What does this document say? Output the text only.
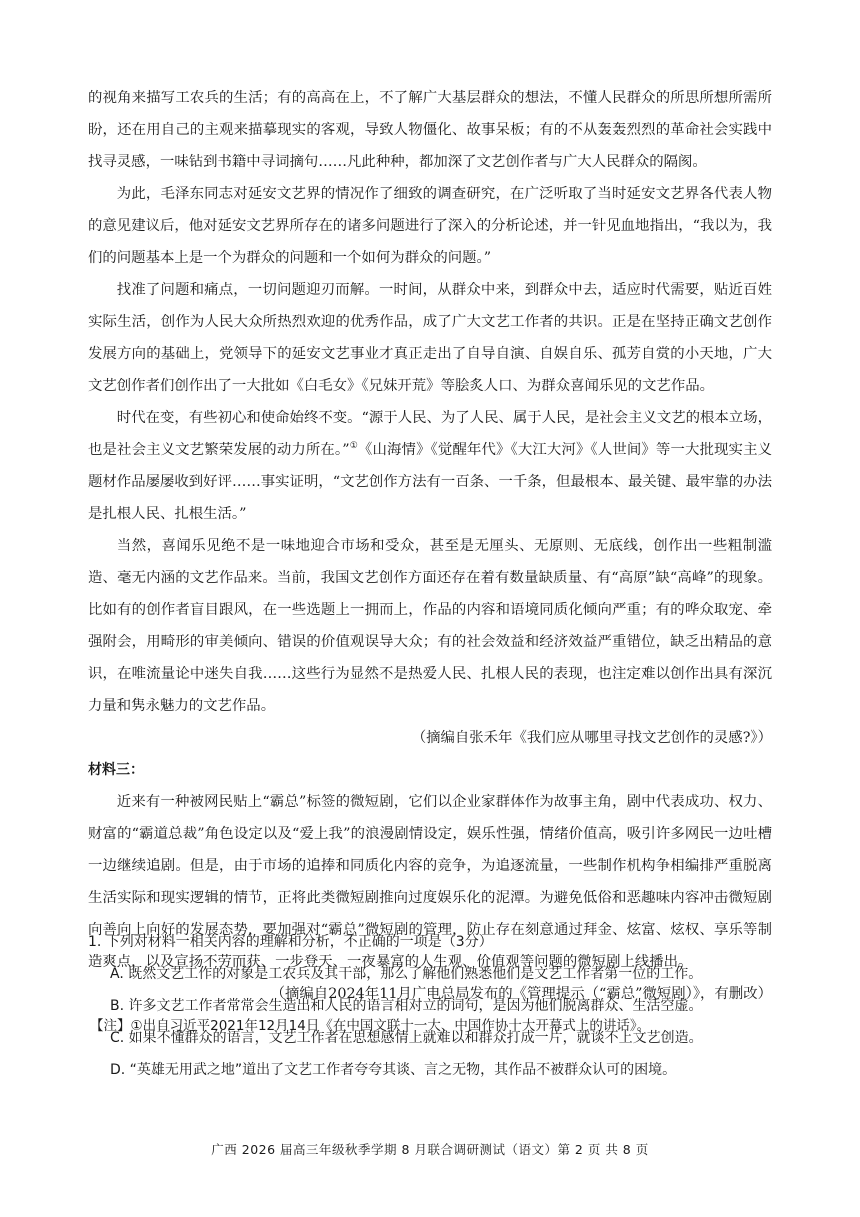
的视角来描写工农兵的生活；有的高高在上，不了解广大基层群众的想法，不懂人民群众的所思所想所需所盼，还在用自己的主观来描摹现实的客观，导致人物僵化、故事呆板；有的不从轰轰烈烈的革命社会实践中找寻灵感，一味钻到书籍中寻词摘句……凡此种种，都加深了文艺创作者与广大人民群众的隔阂。

为此，毛泽东同志对延安文艺界的情况作了细致的调查研究，在广泛听取了当时延安文艺界各代表人物的意见建议后，他对延安文艺界所存在的诸多问题进行了深入的分析论述，并一针见血地指出，“我以为，我们的问题基本上是一个为群众的问题和一个如何为群众的问题。”

找准了问题和痛点，一切问题迎刃而解。一时间，从群众中来，到群众中去，适应时代需要，贴近百姓实际生活，创作为人民大众所热烈欢迎的优秀作品，成了广大文艺工作者的共识。正是在坚持正确文艺创作发展方向的基础上，党领导下的延安文艺事业才真正走出了自导自演、自娱自乐、孤芳自赏的小天地，广大文艺创作者们创作出了一大批如《白毛女》《兄妹开荒》等脍炙人口、为群众喜闻乐见的文艺作品。

时代在变，有些初心和使命始终不变。“源于人民、为了人民、属于人民，是社会主义文艺的根本立场，也是社会主义文艺繁荣发展的动力所在。”①《山海情》《觉醒年代》《大江大河》《人世间》等一大批现实主义题材作品屡屡收到好评……事实证明，“文艺创作方法有一百条、一千条，但最根本、最关键、最牢靠的办法是扎根人民、扎根生活。”

当然，喜闻乐见绝不是一味地迎合市场和受众，甚至是无厘头、无原则、无底线，创作出一些粗制滥造、毫无内涵的文艺作品来。当前，我国文艺创作方面还存在着有数量缺质量、有“高原”缺“高峰”的现象。比如有的创作者盲目跟风，在一些选题上一拥而上，作品的内容和语境同质化倾向严重；有的哗众取宠、牵强附会，用畸形的审美倾向、错误的价值观误导大众；有的社会效益和经济效益严重错位，缺乏出精品的意识，在唯流量论中迷失自我……这些行为显然不是热爱人民、扎根人民的表现，也注定难以创作出具有深沉力量和隽永魅力的文艺作品。

（摘编自张禾年《我们应从哪里寻找文艺创作的灵感?》）

材料三：

近来有一种被网民贴上“霸总”标签的微短剧，它们以企业家群体作为故事主角，剧中代表成功、权力、财富的“霸道总裁”角色设定以及“爱上我”的浪漫剧情设定，娱乐性强，情绪价值高，吸引许多网民一边吐槽一边继续追剧。但是，由于市场的追捧和同质化内容的竞争，为追逐流量，一些制作机构争相编排严重脱离生活实际和现实逻辑的情节，正将此类微短剧推向过度娱乐化的泥潭。为避免低俗和恶趣味内容冲击微短剧向善向上向好的发展态势，要加强对“霸总”微短剧的管理，防止存在刻意通过拜金、炫富、炫权、享乐等制造爽点，以及宣扬不劳而获、一步登天、一夜暴富的人生观、价值观等问题的微短剧上线播出。

（摘编自2024年11月广电总局发布的《管理提示（“霸总”微短剧）》，有删改）

【注】①出自习近平2021年12月14日《在中国文联十一大、中国作协十大开幕式上的讲话》。

1. 下列对材料一相关内容的理解和分析，不正确的一项是（3分）

A. 既然文艺工作的对象是工农兵及其干部，那么了解他们熟悉他们是文艺工作者第一位的工作。

B. 许多文艺工作者常常会生造出和人民的语言相对立的词句，是因为他们脱离群众、生活空虚。

C. 如果不懂群众的语言，文艺工作者在思想感情上就难以和群众打成一片，就谈不上文艺创造。

D. “英雄无用武之地”道出了文艺工作者夸夸其谈、言之无物，其作品不被群众认可的困境。

广西 2026 届高三年级秋季学期 8 月联合调研测试（语文）第 2 页 共 8 页
